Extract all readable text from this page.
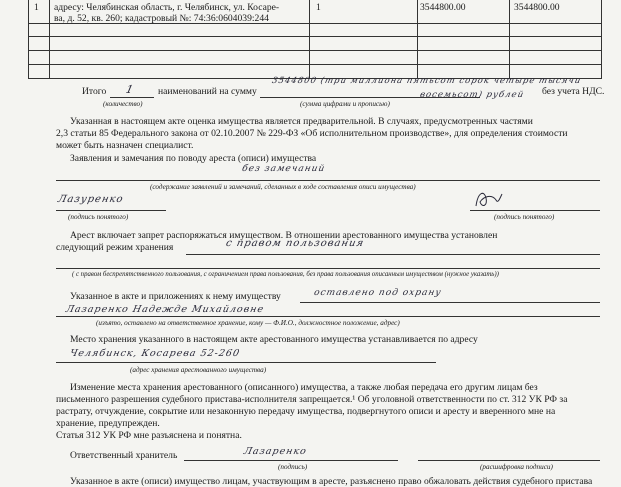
1 адресу: Челябинская область, г. Челябинск, ул. Косаре-
ва, д. 52, кв. 260; кадастровый №: 74:36:0604039:244
1	3544800.00	3544800.00
Итого 1 наименований на сумму
3544800 (три миллиона пятьсот сорок четыре тысячи
восемьсот) рублей без учета НДС.
(количество)	(сумма цифрами и прописью)
Указанная в настоящем акте оценка имущества является предварительной. В случаях, предусмотренных частями
2,3 статьи 85 Федерального закона от 02.10.2007 № 229-ФЗ «Об исполнительном производстве», для определения стоимости
может быть назначен специалист.
Заявления и замечания по поводу ареста (описи) имущества
без замечаний
(содержание заявлений и замечаний, сделанных в ходе составления описи имущества)
Лазуренко
(подпись понятого)	(подпись понятого)
Арест включает запрет распоряжаться имуществом. В отношении арестованного имущества установлен
следующий режим хранения	с правом пользования
( с правом беспрепятственного пользования, с ограничением права пользования, без права пользования описанным имуществом (нужное указать))
Указанное в акте и приложениях к нему имуществу	оставлено под охрану
Лазаренко Надежде Михайловне
(изъято, оставлено на ответственное хранение, кому — Ф.И.О., должностное положение, адрес)
Место хранения указанного в настоящем акте арестованного имущества устанавливается по адресу
Челябинск, Косарева 52-260
(адрес хранения арестованного имущества)
Изменение места хранения арестованного (описанного) имущества, а также любая передача его другим лицам без
письменного разрешения судебного пристава-исполнителя запрещается.¹ Об уголовной ответственности по ст. 312 УК РФ за
растрату, отчуждение, сокрытие или незаконную передачу имущества, подвергнутого описи и аресту и вверенного мне на
хранение, предупрежден.
Статья 312 УК РФ мне разъяснена и понятна.
Ответственный хранитель	Лазаренко
(подпись)	(расшифровка подписи)
Указанное в акте (описи) имущество лицам, участвующим в аресте, разъяснено право обжаловать действия судебного пристава
